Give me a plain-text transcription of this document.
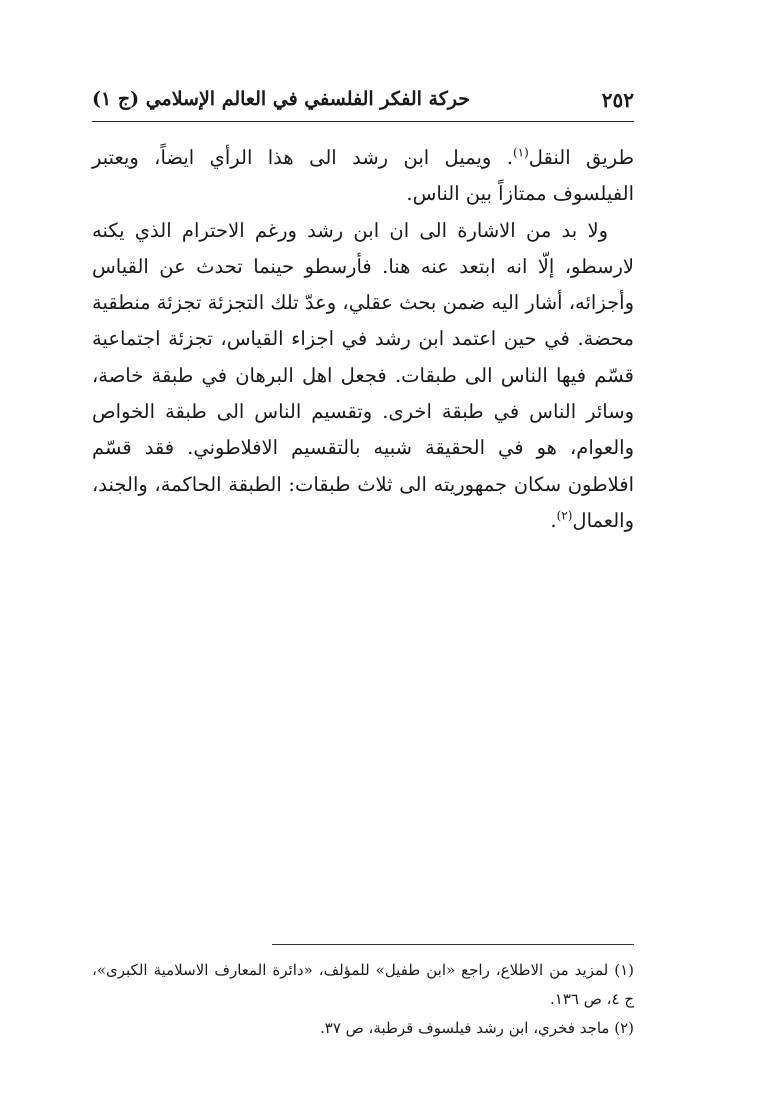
٢٥٢
حركة الفكر الفلسفي في العالم الإسلامي (ج ١)

طريق النقل$^{(١)}$. ويميل ابن رشد الى هذا الرأي ايضاً، ويعتبر الفيلسوف ممتازاً بين الناس.

ولا بد من الاشارة الى ان ابن رشد ورغم الاحترام الذي يكنه لارسطو، إلّا انه ابتعد عنه هنا. فأرسطو حينما تحدث عن القياس وأجزائه، أشار اليه ضمن بحث عقلي، وعدّ تلك التجزئة تجزئة منطقية محضة. في حين اعتمد ابن رشد في اجزاء القياس، تجزئة اجتماعية قسّم فيها الناس الى طبقات. فجعل اهل البرهان في طبقة خاصة، وسائر الناس في طبقة اخرى. وتقسيم الناس الى طبقة الخواص والعوام، هو في الحقيقة شبيه بالتقسيم الافلاطوني. فقد قسّم افلاطون سكان جمهوريته الى ثلاث طبقات: الطبقة الحاكمة، والجند، والعمال$^{(٢)}$.

(١) لمزيد من الاطلاع، راجع «ابن طفيل» للمؤلف، «دائرة المعارف الاسلامية الكبرى»، ج ٤، ص ١٣٦.

(٢) ماجد فخري، ابن رشد فيلسوف قرطبة، ص ٣٧.
